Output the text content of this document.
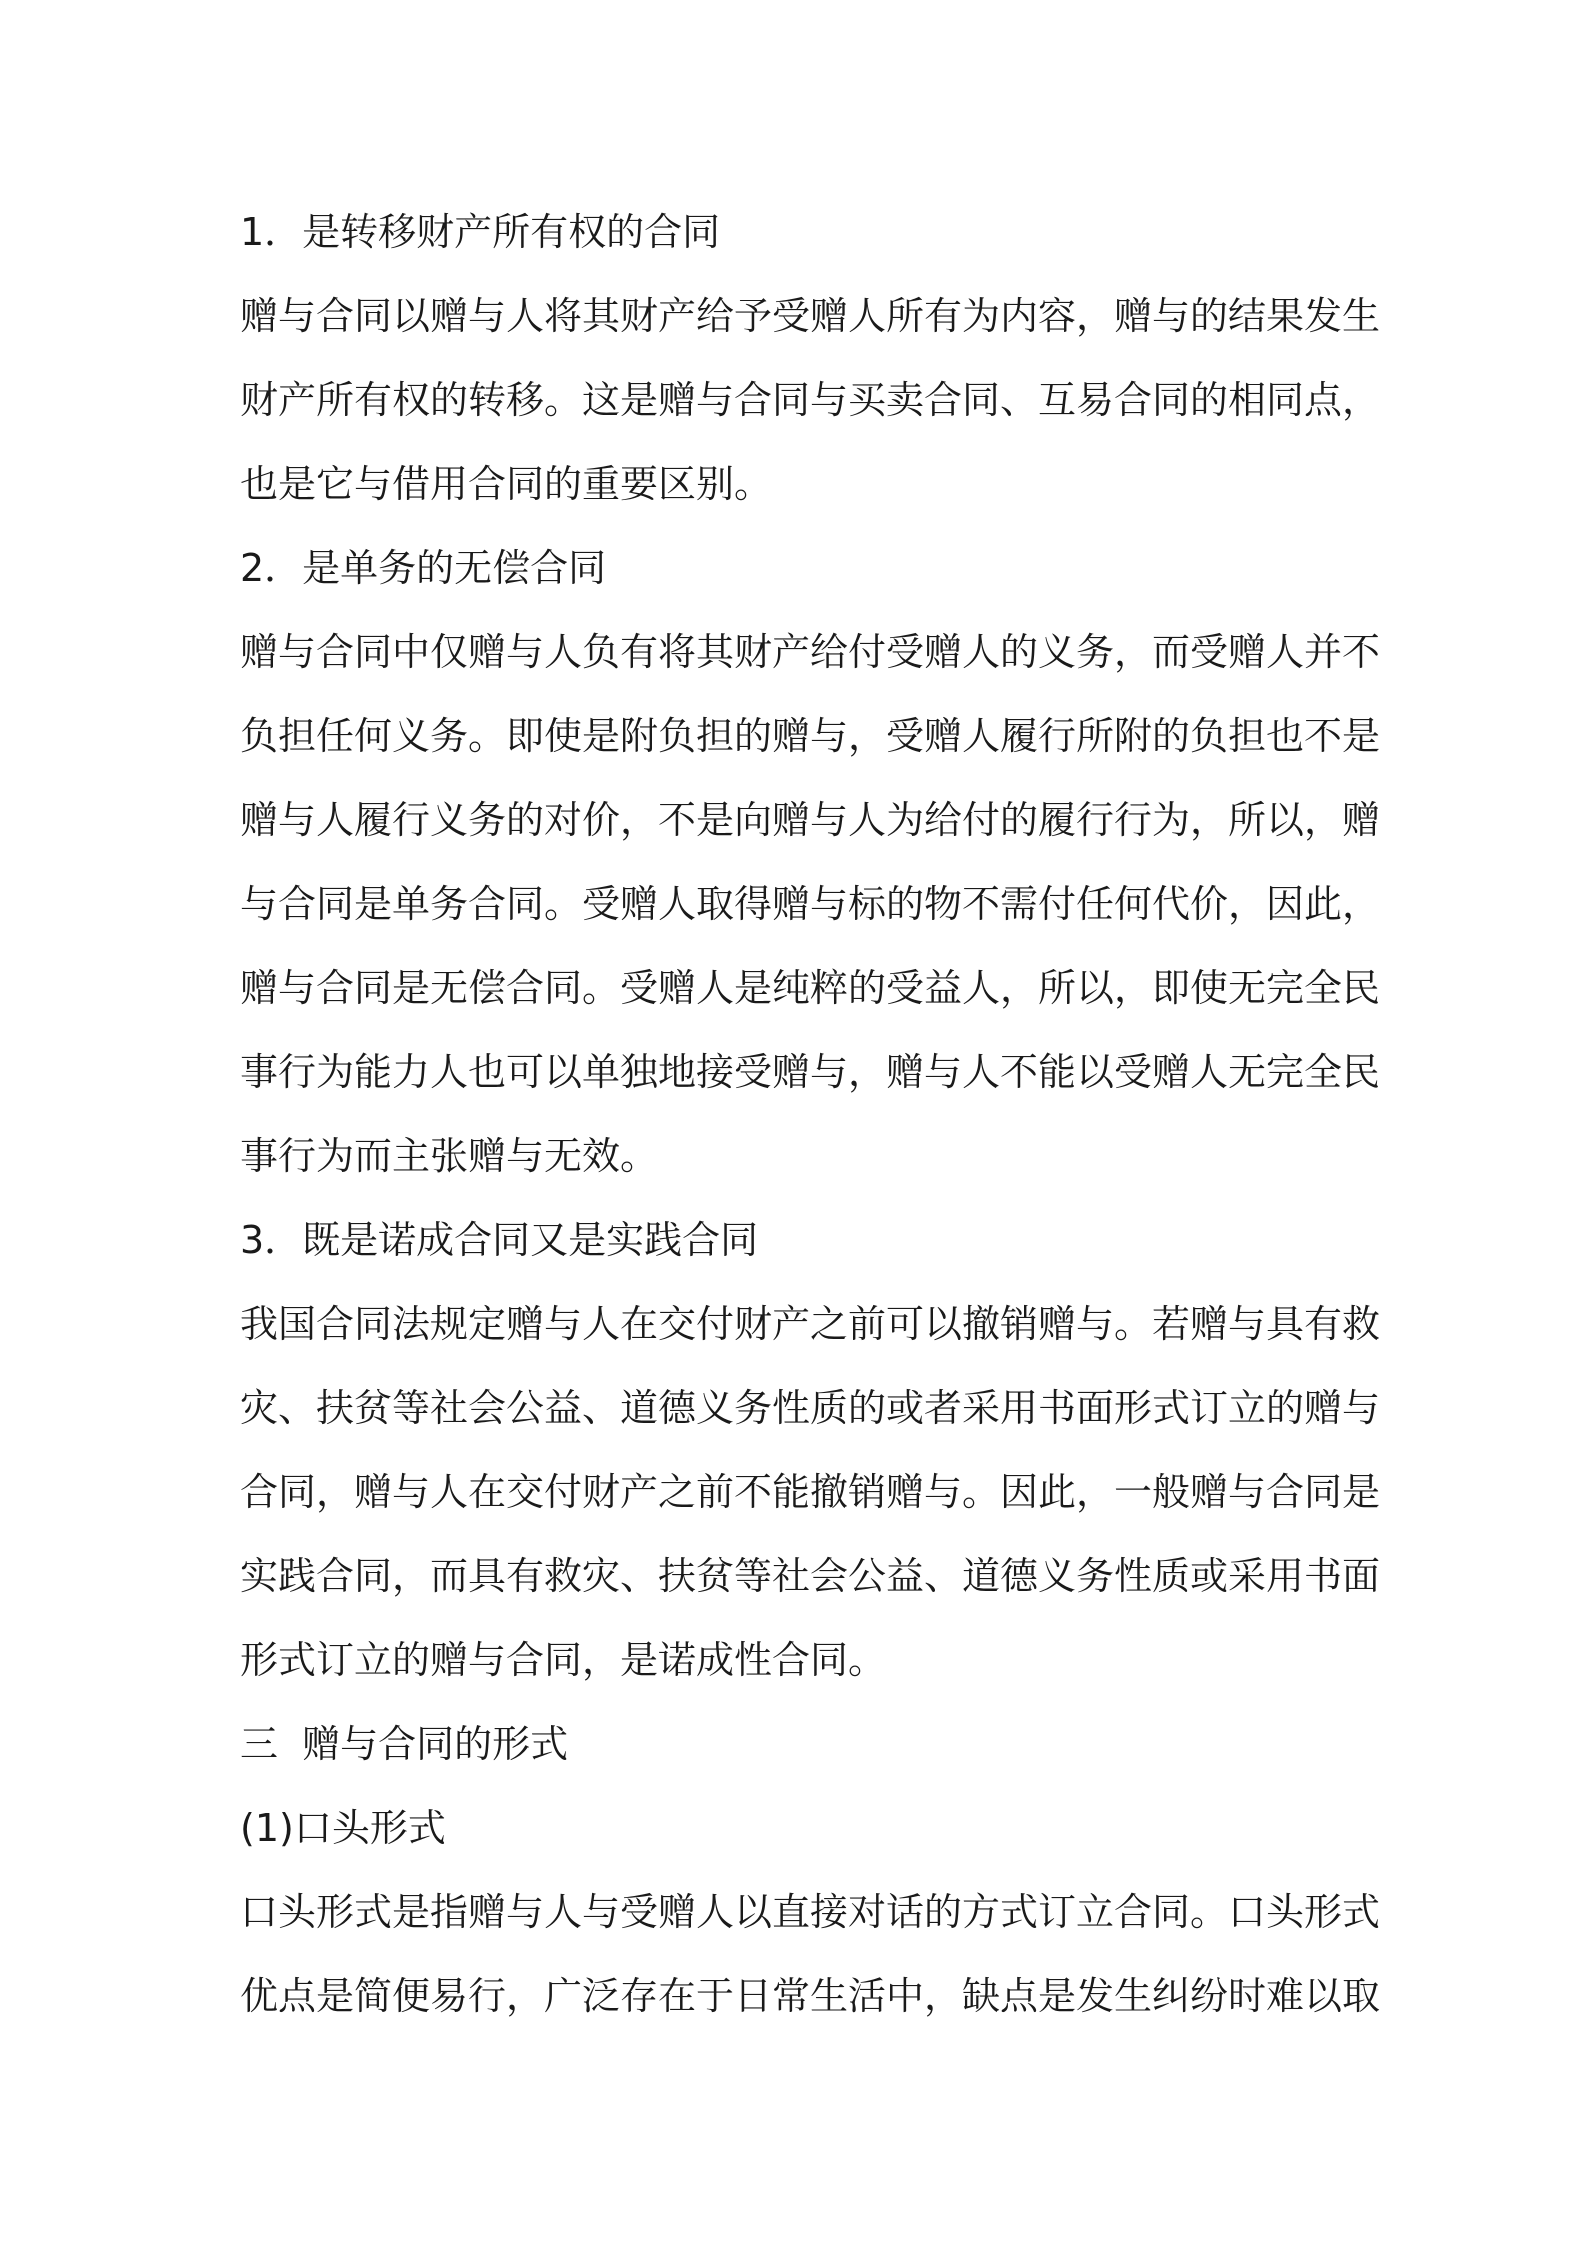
1．是转移财产所有权的合同
赠与合同以赠与人将其财产给予受赠人所有为内容，赠与的结果发生
财产所有权的转移。这是赠与合同与买卖合同、互易合同的相同点，
也是它与借用合同的重要区别。
2．是单务的无偿合同
赠与合同中仅赠与人负有将其财产给付受赠人的义务，而受赠人并不
负担任何义务。即使是附负担的赠与，受赠人履行所附的负担也不是
赠与人履行义务的对价，不是向赠与人为给付的履行行为，所以，赠
与合同是单务合同。受赠人取得赠与标的物不需付任何代价，因此，
赠与合同是无偿合同。受赠人是纯粹的受益人，所以，即使无完全民
事行为能力人也可以单独地接受赠与，赠与人不能以受赠人无完全民
事行为而主张赠与无效。
3．既是诺成合同又是实践合同
我国合同法规定赠与人在交付财产之前可以撤销赠与。若赠与具有救
灾、扶贫等社会公益、道德义务性质的或者采用书面形式订立的赠与
合同，赠与人在交付财产之前不能撤销赠与。因此，一般赠与合同是
实践合同，而具有救灾、扶贫等社会公益、道德义务性质或采用书面
形式订立的赠与合同，是诺成性合同。
三  赠与合同的形式
(1)口头形式
口头形式是指赠与人与受赠人以直接对话的方式订立合同。口头形式
优点是简便易行，广泛存在于日常生活中，缺点是发生纠纷时难以取
